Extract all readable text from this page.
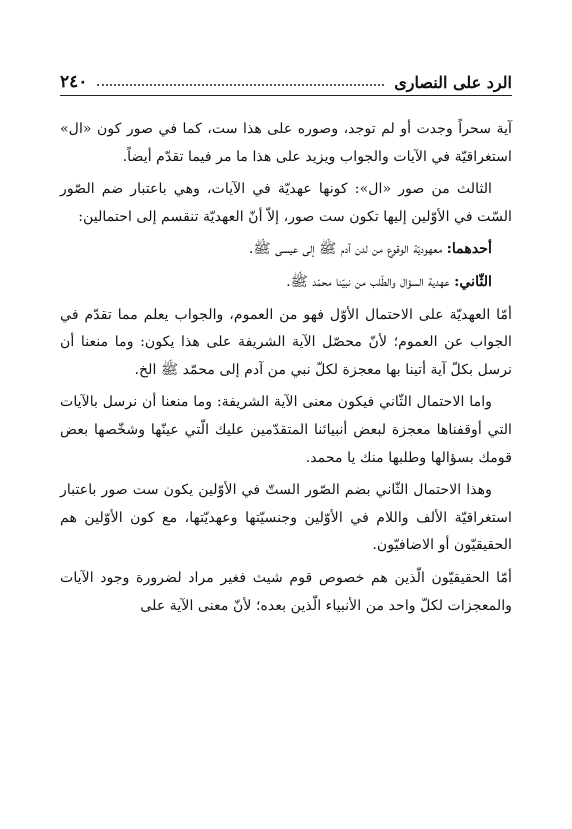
الرد على النصارى
٢٤٠

آية سحراً وجدت أو لم توجد، وصوره على هذا ست، كما في صور كون «ال» استغراقيّة في الآيات والجواب ويزيد على هذا ما مر فيما تقدّم أيضاً.

الثالث من صور «ال»: كونها عهديّة في الآيات، وهي باعتبار ضم الصّور السّت في الأوّلين إليها تكون ست صور، إلاّ أنّ العهديّة تنقسم إلى احتمالين:

أحدهما: معهوديّة الوقوع من لدن آدم ﷺ إلى عيسى ﷺ.

الثّاني: عهدية السؤال والطّلب من نبيّنا محمّد ﷺ.

أمّا العهديّة على الاحتمال الأوّل فهو من العموم، والجواب يعلم مما تقدّم في الجواب عن العموم؛ لأنّ محصّل الآية الشريفة على هذا يكون: وما منعنا أن نرسل بكلّ آية أتينا بها معجزة لكلّ نبي من آدم إلى محمّد ﷺ الخ.

واما الاحتمال الثّاني فيكون معنى الآية الشريفة: وما منعنا أن نرسل بالآيات التي أوقفناها معجزة لبعض أنبيائنا المتقدّمين عليك الّتي عينّها وشخّصها بعض قومك بسؤالها وطلبها منك يا محمد.

وهذا الاحتمال الثّاني بضم الصّور الستّ في الأوّلين يكون ست صور باعتبار استغراقيّة الألف واللام في الأوّلين وجنسيّتها وعهديّتها، مع كون الأوّلين هم الحقيقيّون أو الاضافيّون.

أمّا الحقيقيّون الّذين هم خصوص قوم شيث فغير مراد لضرورة وجود الآيات والمعجزات لكلّ واحد من الأنبياء الّذين بعده؛ لأنّ معنى الآية على
